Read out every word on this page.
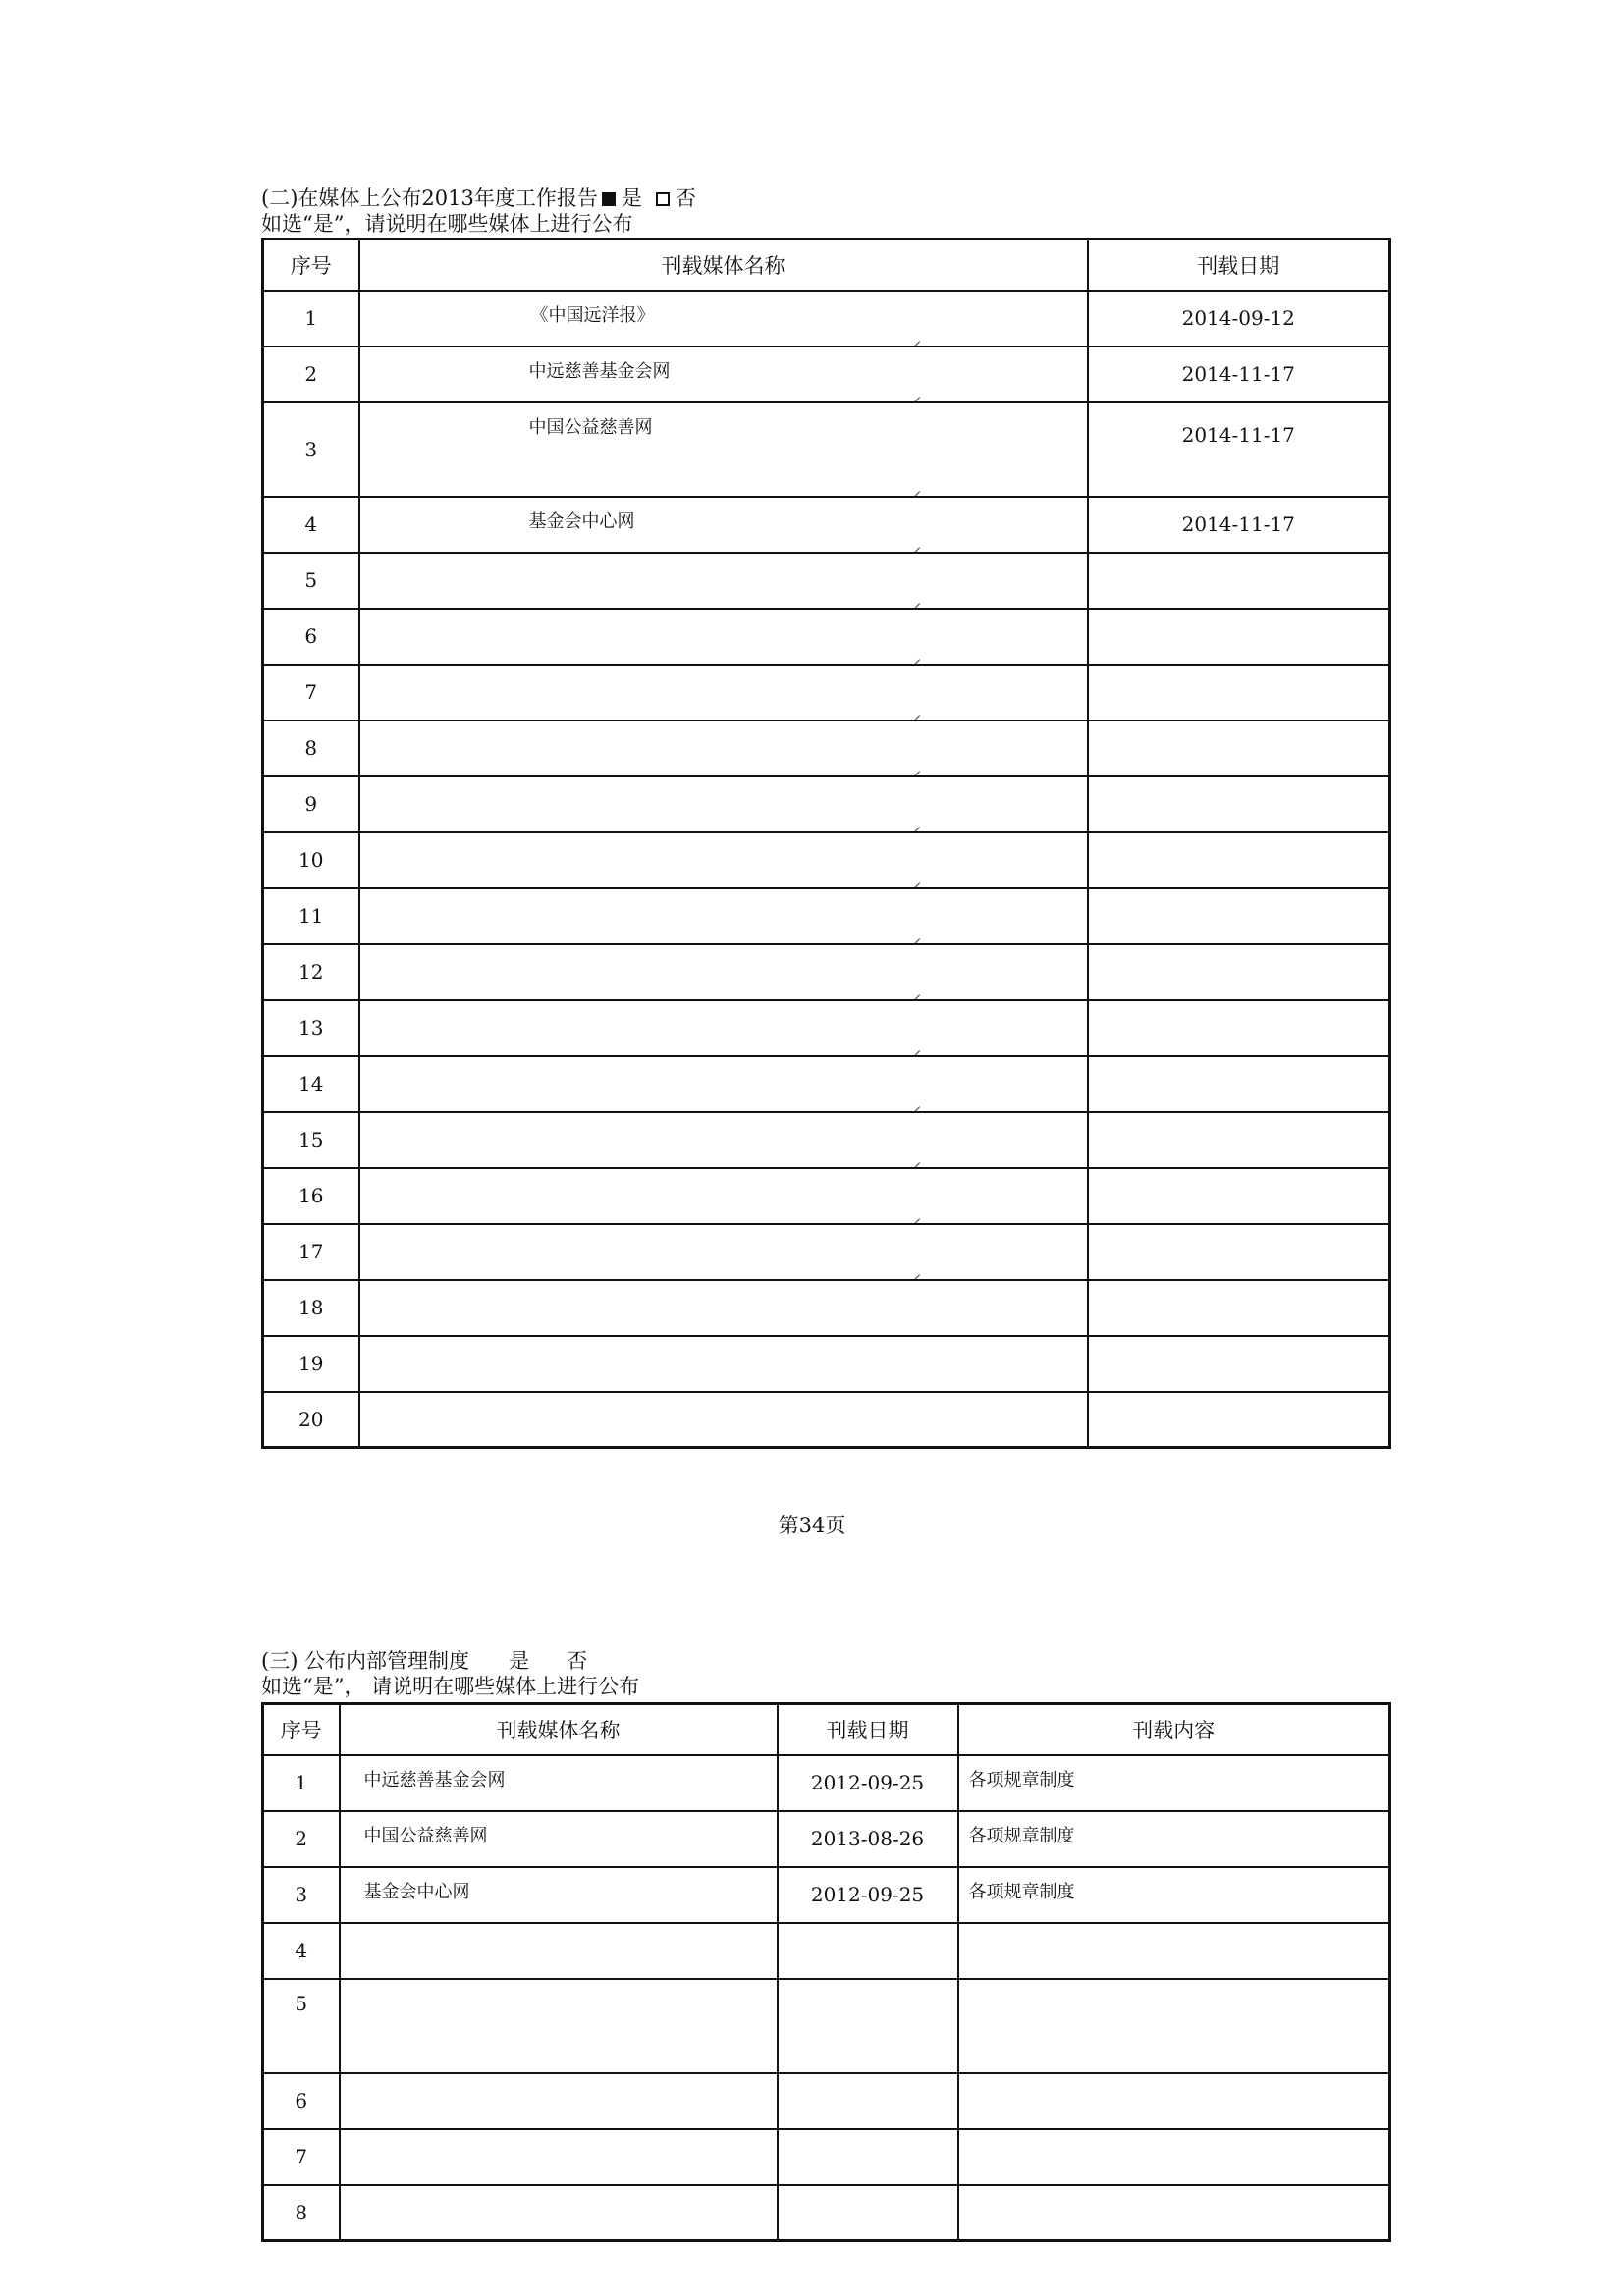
(二)在媒体上公布2013年度工作报告 是 否
如选“是”，请说明在哪些媒体上进行公布
序号	刊载媒体名称	刊载日期
1	《中国远洋报》	2014-09-12
2	中远慈善基金会网	2014-11-17
3	中国公益慈善网	2014-11-17
4	基金会中心网	2014-11-17
5	

6	

7	

8	

9	

10	

11	

12	

13	

14	

15	

16	

17	

18	

19	

20	

第34页
(三) 公布内部管理制度 是 否
如选“是”， 请说明在哪些媒体上进行公布
序号	刊载媒体名称	刊载日期	刊载内容
1	中远慈善基金会网	2012-09-25	各项规章制度

2	中国公益慈善网	2013-08-26	各项规章制度

3	基金会中心网	2012-09-25	各项规章制度

4	

5	

6	

7	

8	
